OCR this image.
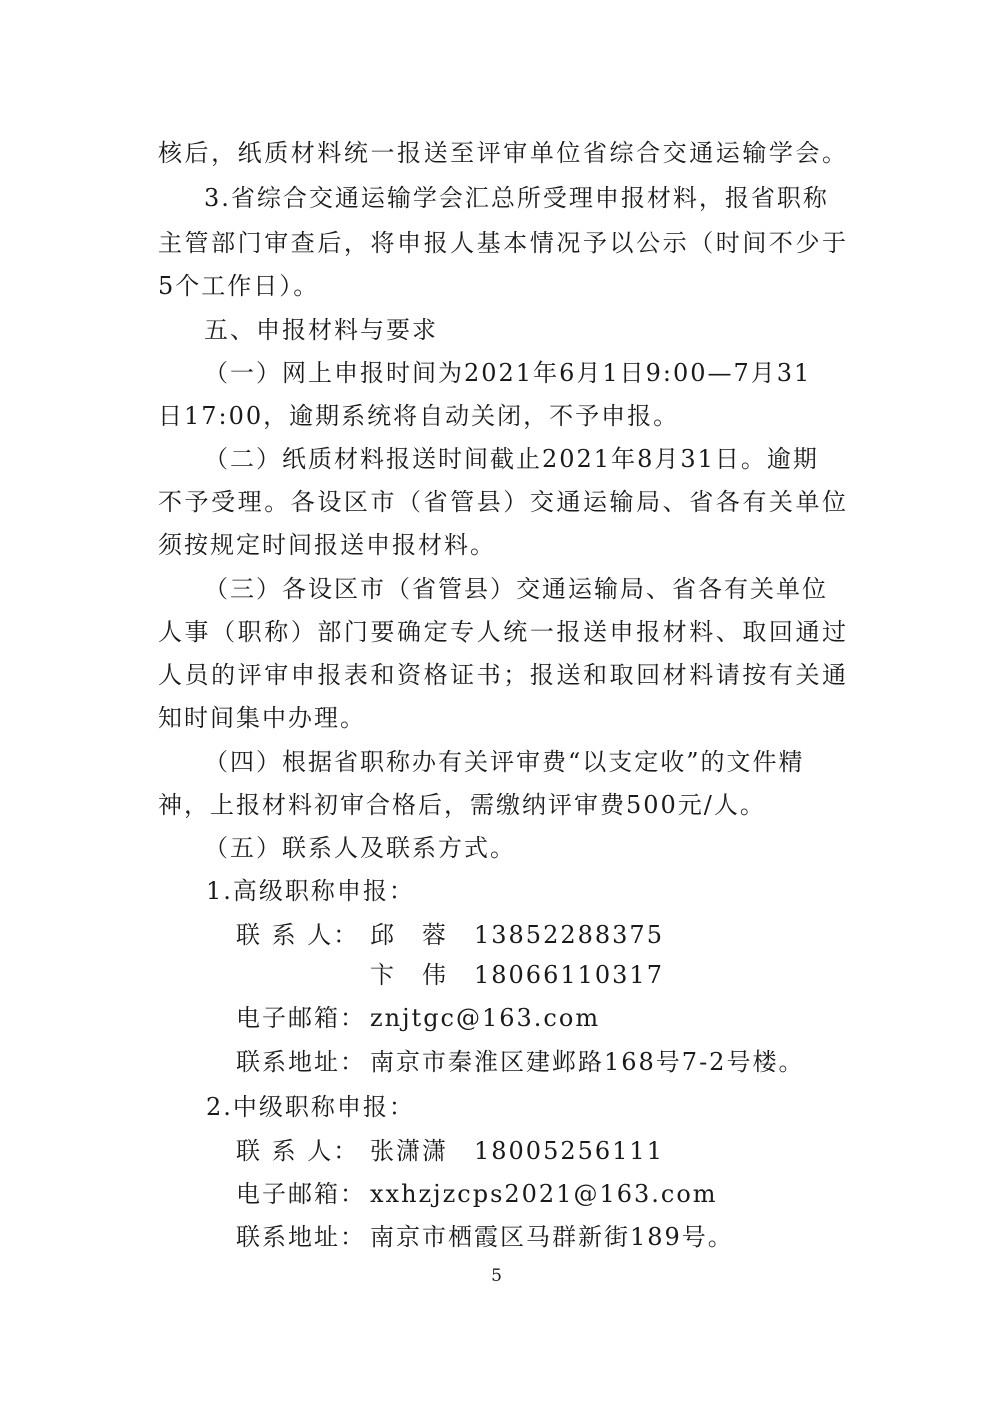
核后，纸质材料统一报送至评审单位省综合交通运输学会。
3.省综合交通运输学会汇总所受理申报材料，报省职称
主管部门审查后，将申报人基本情况予以公示（时间不少于
5个工作日）。
五、申报材料与要求
（一）网上申报时间为2021年6月1日9:00—7月31
日17:00，逾期系统将自动关闭，不予申报。
（二）纸质材料报送时间截止2021年8月31日。逾期
不予受理。各设区市（省管县）交通运输局、省各有关单位
须按规定时间报送申报材料。
（三）各设区市（省管县）交通运输局、省各有关单位
人事（职称）部门要确定专人统一报送申报材料、取回通过
人员的评审申报表和资格证书；报送和取回材料请按有关通
知时间集中办理。
（四）根据省职称办有关评审费“以支定收”的文件精
神，上报材料初审合格后，需缴纳评审费500元/人。
（五）联系人及联系方式。
1.高级职称申报：
联 系 人： 邱　蓉 13852288375
卞　伟 18066110317
电子邮箱： znjtgc@163.com
联系地址： 南京市秦淮区建邺路168号7-2号楼。
2.中级职称申报：
联 系 人： 张潇潇 18005256111
电子邮箱： xxhzjzcps2021@163.com
联系地址： 南京市栖霞区马群新街189号。
5
